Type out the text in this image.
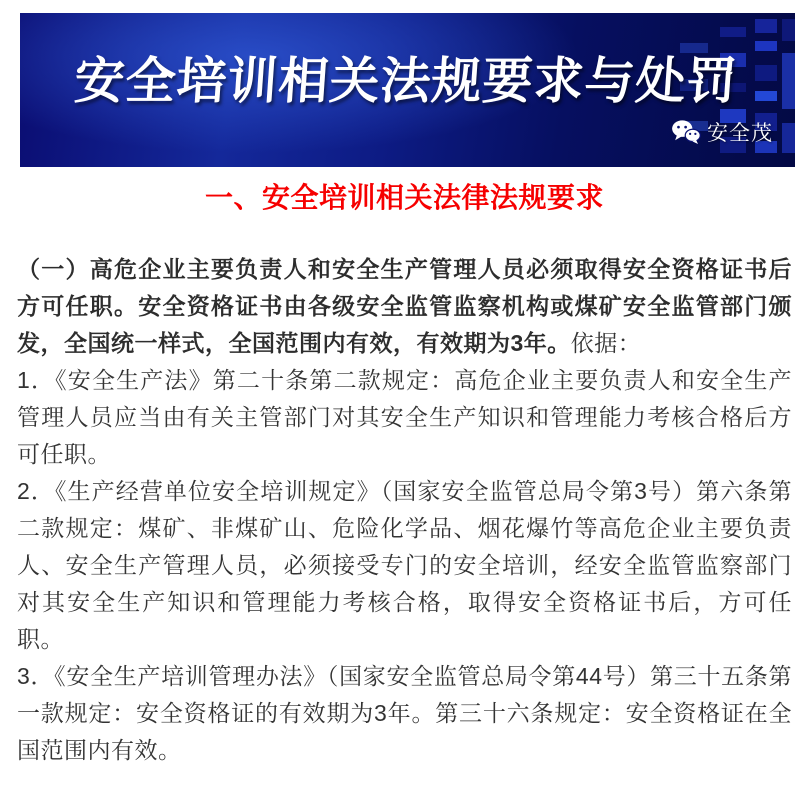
安全培训相关法规要求与处罚
安全茂
一、安全培训相关法律法规要求

（一）高危企业主要负责人和安全生产管理人员必须取得安全资格证书后方可任职。安全资格证书由各级安全监管监察机构或煤矿安全监管部门颁发，全国统一样式，全国范围内有效，有效期为3年。依据：

1．《安全生产法》第二十条第二款规定：高危企业主要负责人和安全生产管理人员应当由有关主管部门对其安全生产知识和管理能力考核合格后方可任职。

2．《生产经营单位安全培训规定》（国家安全监管总局令第3号）第六条第二款规定：煤矿、非煤矿山、危险化学品、烟花爆竹等高危企业主要负责人、安全生产管理人员，必须接受专门的安全培训，经安全监管监察部门对其安全生产知识和管理能力考核合格，取得安全资格证书后，方可任职。

3．《安全生产培训管理办法》（国家安全监管总局令第44号）第三十五条第一款规定：安全资格证的有效期为3年。第三十六条规定：安全资格证在全国范围内有效。
